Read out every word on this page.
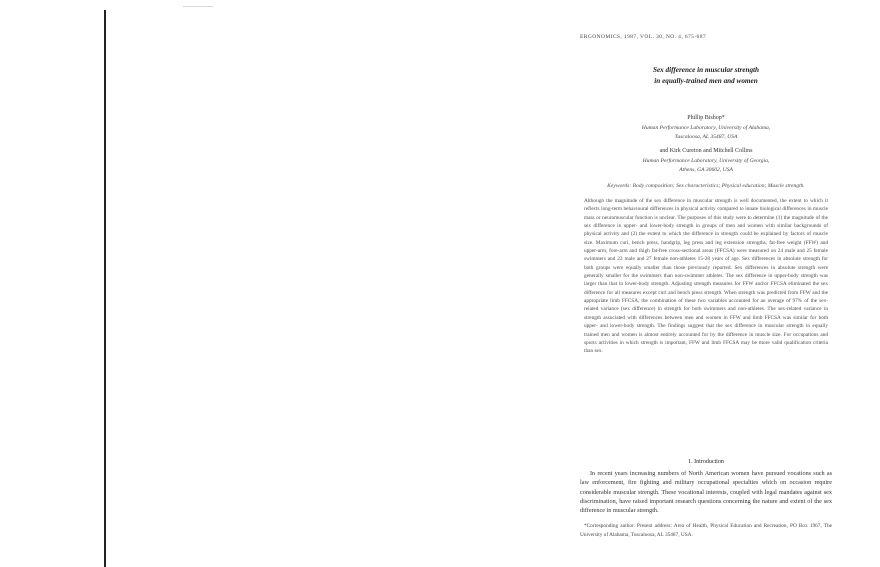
ERGONOMICS, 1987, VOL. 30, NO. 4, 675-687
Sex difference in muscular strength
in equally-trained men and women
Phillip Bishop*
Human Performance Laboratory, University of Alabama,
Tuscaloosa, AL 35487, USA
and Kirk Cureton and Mitchell Collins
Human Performance Laboratory, University of Georgia,
Athens, GA 30602, USA
Keywords: Body composition; Sex characteristics; Physical education; Muscle strength.

Although the magnitude of the sex difference in muscular strength is well documented, the extent to which it reflects long-term behavioural differences in physical activity compared to innate biological differences in muscle mass or neuromuscular function is unclear. The purposes of this study were to determine (1) the magnitude of the sex difference in upper- and lower-body strength in groups of men and women with similar backgrounds of physical activity and (2) the extent to which the difference in strength could be explained by factors of muscle size. Maximum curl, bench press, handgrip, leg press and leg extension strengths, fat-free weight (FFW) and upper-arm, fore-arm and thigh fat-free cross-sectional areas (FFCSA) were measured on 24 male and 25 female swimmers and 23 male and 27 female non-athletes 15-28 years of age. Sex differences in absolute strength for both groups were equally smaller than those previously reported. Sex differences in absolute strength were generally smaller for the swimmers than non-swimmer athletes. The sex difference in upper-body strength was larger than that in lower-body strength. Adjusting strength measures for FFW and/or FFCSA eliminated the sex difference for all measures except curl and bench press strength. When strength was predicted from FFW and the appropriate limb FFCSA, the combination of these two variables accounted for an average of 97% of the sex-related variance (sex difference) in strength for both swimmers and non-athletes. The sex-related variance in strength associated with differences between men and women in FFW and limb FFCSA was similar for both upper- and lower-body strength. The findings suggest that the sex difference in muscular strength in equally trained men and women is almost entirely accounted for by the difference in muscle size. For occupations and sports activities in which strength is important, FFW and limb FFCSA may be more valid qualification criteria than sex.

1. Introduction

In recent years increasing numbers of North American women have pursued vocations such as law enforcement, fire fighting and military occupational specialties which on occasion require considerable muscular strength. These vocational interests, coupled with legal mandates against sex discrimination, have raised important research questions concerning the nature and extent of the sex difference in muscular strength.

*Corresponding author. Present address: Area of Health, Physical Education and Recreation, PO Box 1967, The University of Alabama, Tuscaloosa, AL 35487, USA.
